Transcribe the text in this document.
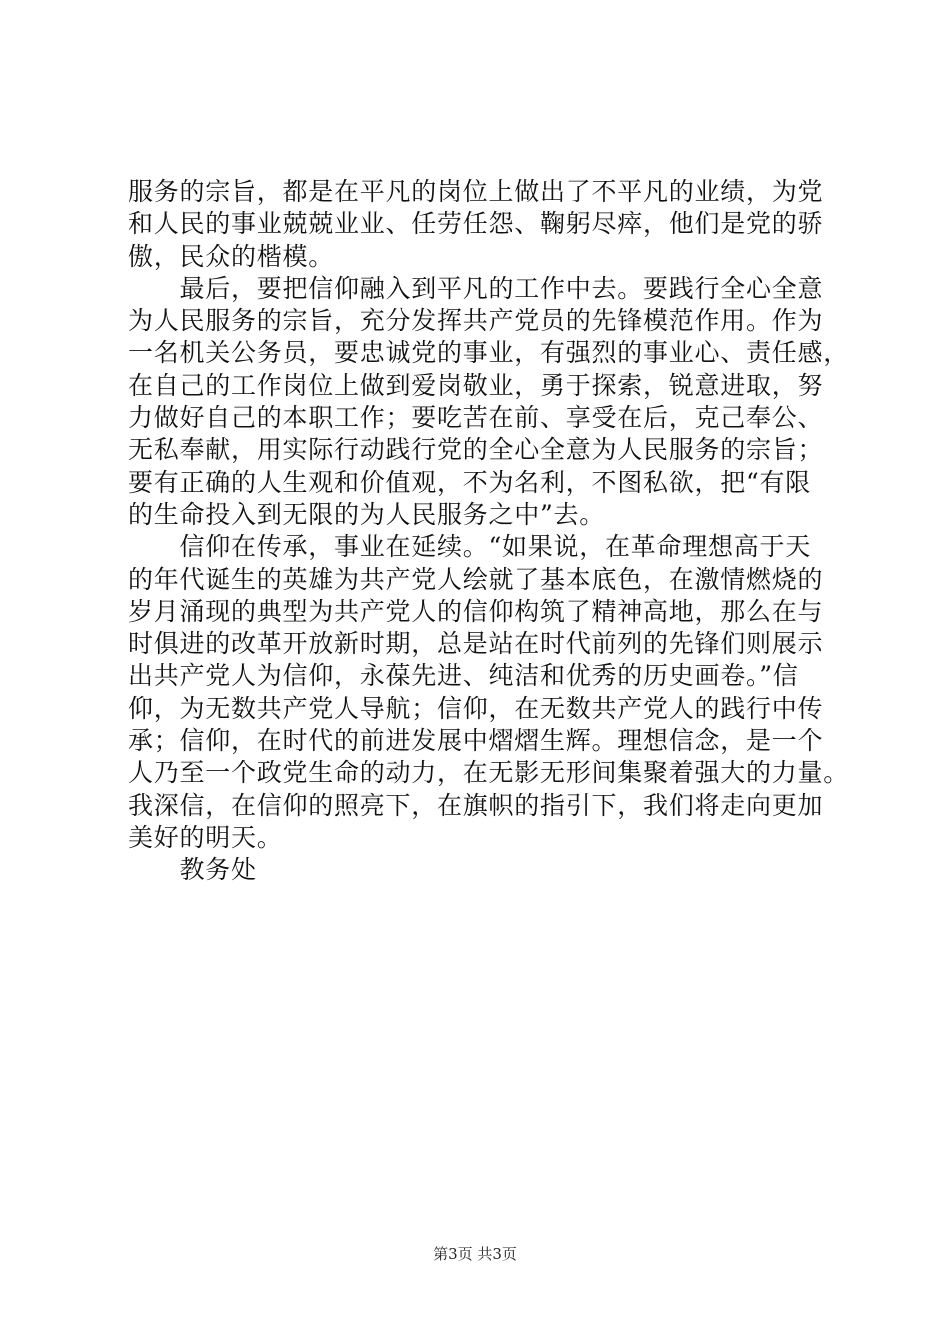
服务的宗旨，都是在平凡的岗位上做出了不平凡的业绩，为党
和人民的事业兢兢业业、任劳任怨、鞠躬尽瘁，他们是党的骄
傲，民众的楷模。
　　最后，要把信仰融入到平凡的工作中去。要践行全心全意
为人民服务的宗旨，充分发挥共产党员的先锋模范作用。作为
一名机关公务员，要忠诚党的事业，有强烈的事业心、责任感，
在自己的工作岗位上做到爱岗敬业，勇于探索，锐意进取，努
力做好自己的本职工作；要吃苦在前、享受在后，克己奉公、
无私奉献，用实际行动践行党的全心全意为人民服务的宗旨；
要有正确的人生观和价值观，不为名利，不图私欲，把“有限
的生命投入到无限的为人民服务之中”去。
　　信仰在传承，事业在延续。“如果说，在革命理想高于天
的年代诞生的英雄为共产党人绘就了基本底色，在激情燃烧的
岁月涌现的典型为共产党人的信仰构筑了精神高地，那么在与
时俱进的改革开放新时期，总是站在时代前列的先锋们则展示
出共产党人为信仰，永葆先进、纯洁和优秀的历史画卷。”信
仰，为无数共产党人导航；信仰，在无数共产党人的践行中传
承；信仰，在时代的前进发展中熠熠生辉。理想信念，是一个
人乃至一个政党生命的动力，在无影无形间集聚着强大的力量。
我深信，在信仰的照亮下，在旗帜的指引下，我们将走向更加
美好的明天。
　　教务处
第3页 共3页
